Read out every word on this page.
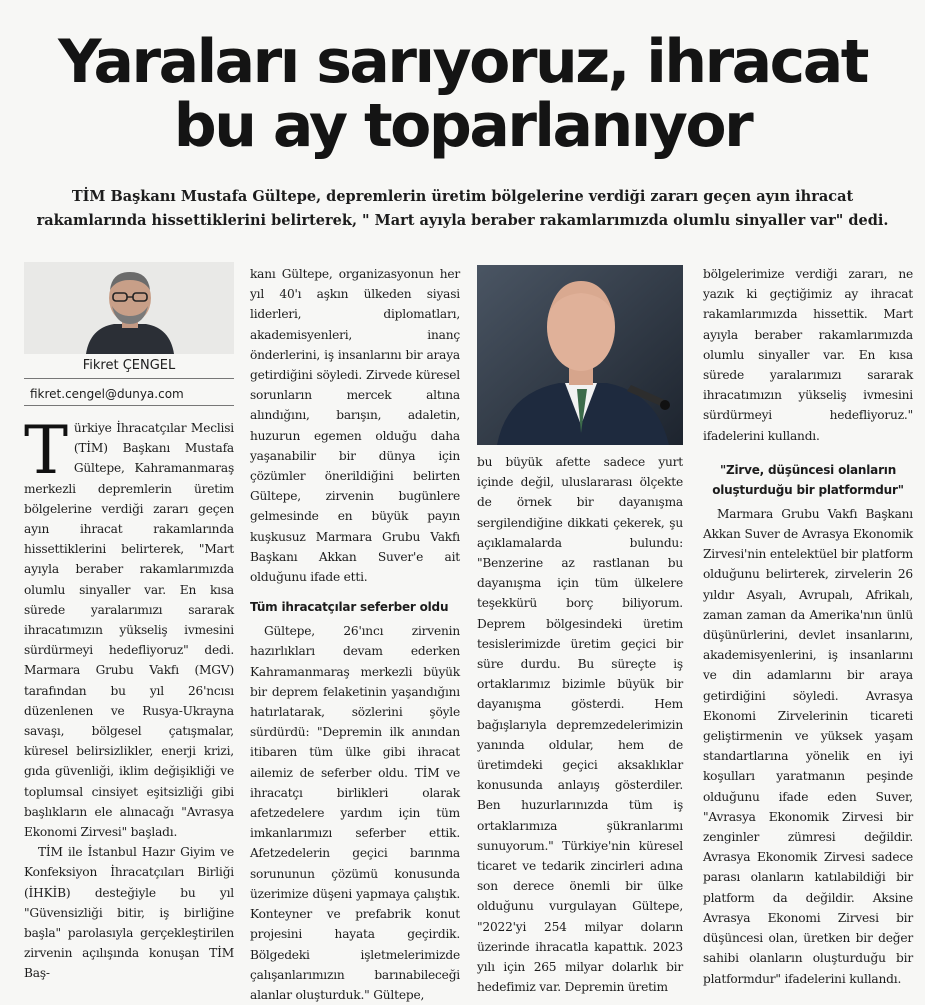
Yaraları sarıyoruz, ihracat
bu ay toparlanıyor
TİM Başkanı Mustafa Gültepe, depremlerin üretim bölgelerine verdiği zararı geçen ayın ihracat rakamlarında hissettiklerini belirterek, " Mart ayıyla beraber rakamlarımızda olumlu sinyaller var" dedi.
Fikret ÇENGEL
fikret.cengel@dunya.com

Türkiye İhracatçılar Meclisi (TİM) Başkanı Mustafa Gültepe, Kahramanmaraş merkezli depremlerin üretim bölgelerine verdiği zararı geçen ayın ihracat rakamlarında hissettiklerini belirterek, "Mart ayıyla beraber rakamlarımızda olumlu sinyaller var. En kısa sürede yaralarımızı sararak ihracatımızın yükseliş ivmesini sürdürmeyi hedefliyoruz" dedi. Marmara Grubu Vakfı (MGV) tarafından bu yıl 26'ncısı düzenlenen ve Rusya-Ukrayna savaşı, bölgesel çatışmalar, küresel belirsizlikler, enerji krizi, gıda güvenliği, iklim değişikliği ve toplumsal cinsiyet eşitsizliği gibi başlıkların ele alınacağı "Avrasya Ekonomi Zirvesi" başladı.

TİM ile İstanbul Hazır Giyim ve Konfeksiyon İhracatçıları Birliği (İHKİB) desteğiyle bu yıl "Güvensizliği bitir, iş birliğine başla" parolasıyla gerçekleştirilen zirvenin açılışında konuşan TİM Baş-

kanı Gültepe, organizasyonun her yıl 40'ı aşkın ülkeden siyasi liderleri, diplomatları, akademisyenleri, inanç önderlerini, iş insanlarını bir araya getirdiğini söyledi. Zirvede küresel sorunların mercek altına alındığını, barışın, adaletin, huzurun egemen olduğu daha yaşanabilir bir dünya için çözümler önerildiğini belirten Gültepe, zirvenin bugünlere gelmesinde en büyük payın kuşkusuz Marmara Grubu Vakfı Başkanı Akkan Suver'e ait olduğunu ifade etti.

Tüm ihracatçılar seferber oldu

Gültepe, 26'ıncı zirvenin hazırlıkları devam ederken Kahramanmaraş merkezli büyük bir deprem felaketinin yaşandığını hatırlatarak, sözlerini şöyle sürdürdü: "Depremin ilk anından itibaren tüm ülke gibi ihracat ailemiz de seferber oldu. TİM ve ihracatçı birlikleri olarak afetzedelere yardım için tüm imkanlarımızı seferber ettik. Afetzedelerin geçici barınma sorununun çözümü konusunda üzerimize düşeni yapmaya çalıştık. Konteyner ve prefabrik konut projesini hayata geçirdik. Bölgedeki işletmelerimizde çalışanlarımızın barınabileceği alanlar oluşturduk." Gültepe,

bu büyük afette sadece yurt içinde değil, uluslararası ölçekte de örnek bir dayanışma sergilendiğine dikkati çekerek, şu açıklamalarda bulundu: "Benzerine az rastlanan bu dayanışma için tüm ülkelere teşekkürü borç biliyorum. Deprem bölgesindeki üretim tesislerimizde üretim geçici bir süre durdu. Bu süreçte iş ortaklarımız bizimle büyük bir dayanışma gösterdi. Hem bağışlarıyla depremzedelerimizin yanında oldular, hem de üretimdeki geçici aksaklıklar konusunda anlayış gösterdiler. Ben huzurlarınızda tüm iş ortaklarımıza şükranlarımı sunuyorum." Türkiye'nin küresel ticaret ve tedarik zincirleri adına son derece önemli bir ülke olduğunu vurgulayan Gültepe, "2022'yi 254 milyar doların üzerinde ihracatla kapattık. 2023 yılı için 265 milyar dolarlık bir hedefimiz var. Depremin üretim

bölgelerimize verdiği zararı, ne yazık ki geçtiğimiz ay ihracat rakamlarımızda hissettik. Mart ayıyla beraber rakamlarımızda olumlu sinyaller var. En kısa sürede yaralarımızı sararak ihracatımızın yükseliş ivmesini sürdürmeyi hedefliyoruz." ifadelerini kullandı.

"Zirve, düşüncesi olanların oluşturduğu bir platformdur"

Marmara Grubu Vakfı Başkanı Akkan Suver de Avrasya Ekonomik Zirvesi'nin entelektüel bir platform olduğunu belirterek, zirvelerin 26 yıldır Asyalı, Avrupalı, Afrikalı, zaman zaman da Amerika'nın ünlü düşünürlerini, devlet insanlarını, akademisyenlerini, iş insanlarını ve din adamlarını bir araya getirdiğini söyledi. Avrasya Ekonomi Zirvelerinin ticareti geliştirmenin ve yüksek yaşam standartlarına yönelik en iyi koşulları yaratmanın peşinde olduğunu ifade eden Suver, "Avrasya Ekonomik Zirvesi bir zenginler zümresi değildir. Avrasya Ekonomik Zirvesi sadece parası olanların katılabildiği bir platform da değildir. Aksine Avrasya Ekonomi Zirvesi bir düşüncesi olan, üretken bir değer sahibi olanların oluşturduğu bir platformdur" ifadelerini kullandı.
